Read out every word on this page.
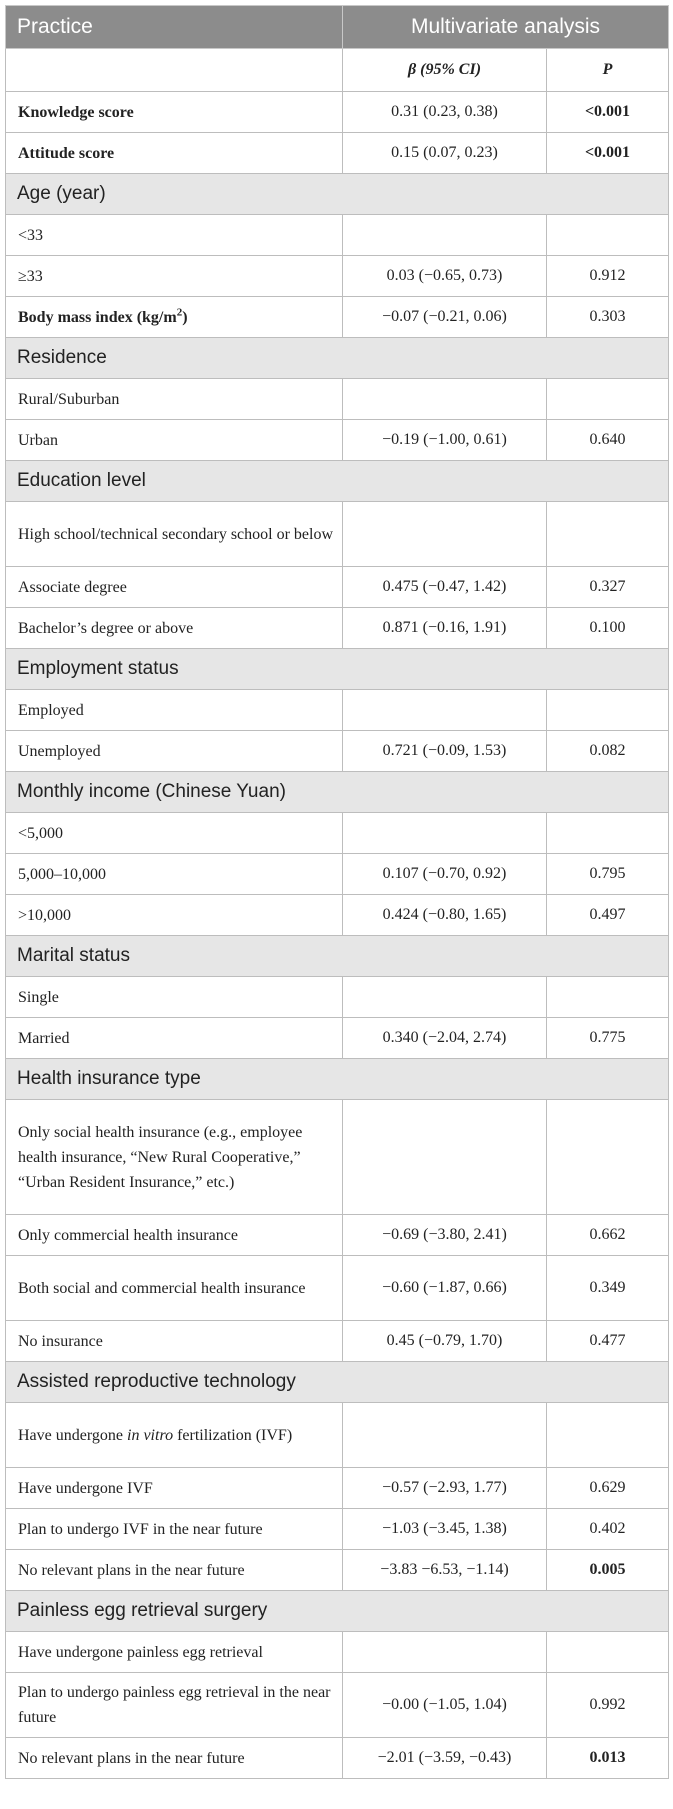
Practice	Multivariate analysis	
	β (95% CI)	P
Knowledge score	0.31 (0.23, 0.38)	<0.001
Attitude score	0.15 (0.07, 0.23)	<0.001
Age (year)		
<33		
≥33	0.03 (−0.65, 0.73)	0.912
Body mass index $(kg/m^2)$	−0.07 (−0.21, 0.06)	0.303
Residence		
Rural/Suburban		
Urban	−0.19 (−1.00, 0.61)	0.640
Education level		
High school/technical secondary school or below		
Associate degree	0.475 (−0.47, 1.42)	0.327
Bachelor’s degree or above	0.871 (−0.16, 1.91)	0.100
Employment status		
Employed		
Unemployed	0.721 (−0.09, 1.53)	0.082
Monthly income (Chinese Yuan)		
<5,000		
5,000–10,000	0.107 (−0.70, 0.92)	0.795
>10,000	0.424 (−0.80, 1.65)	0.497
Marital status		
Single		
Married	0.340 (−2.04, 2.74)	0.775
Health insurance type		
Only social health insurance (e.g., employee health insurance, “New Rural Cooperative,” “Urban Resident Insurance,” etc.)		
Only commercial health insurance	−0.69 (−3.80, 2.41)	0.662
Both social and commercial health insurance	−0.60 (−1.87, 0.66)	0.349
No insurance	0.45 (−0.79, 1.70)	0.477
Assisted reproductive technology		
Have undergone in vitro fertilization (IVF)		
Have undergone IVF	−0.57 (−2.93, 1.77)	0.629
Plan to undergo IVF in the near future	−1.03 (−3.45, 1.38)	0.402
No relevant plans in the near future	−3.83 −6.53, −1.14)	0.005
Painless egg retrieval surgery		
Have undergone painless egg retrieval		
Plan to undergo painless egg retrieval in the near future	−0.00 (−1.05, 1.04)	0.992
No relevant plans in the near future	−2.01 (−3.59, −0.43)	0.013
